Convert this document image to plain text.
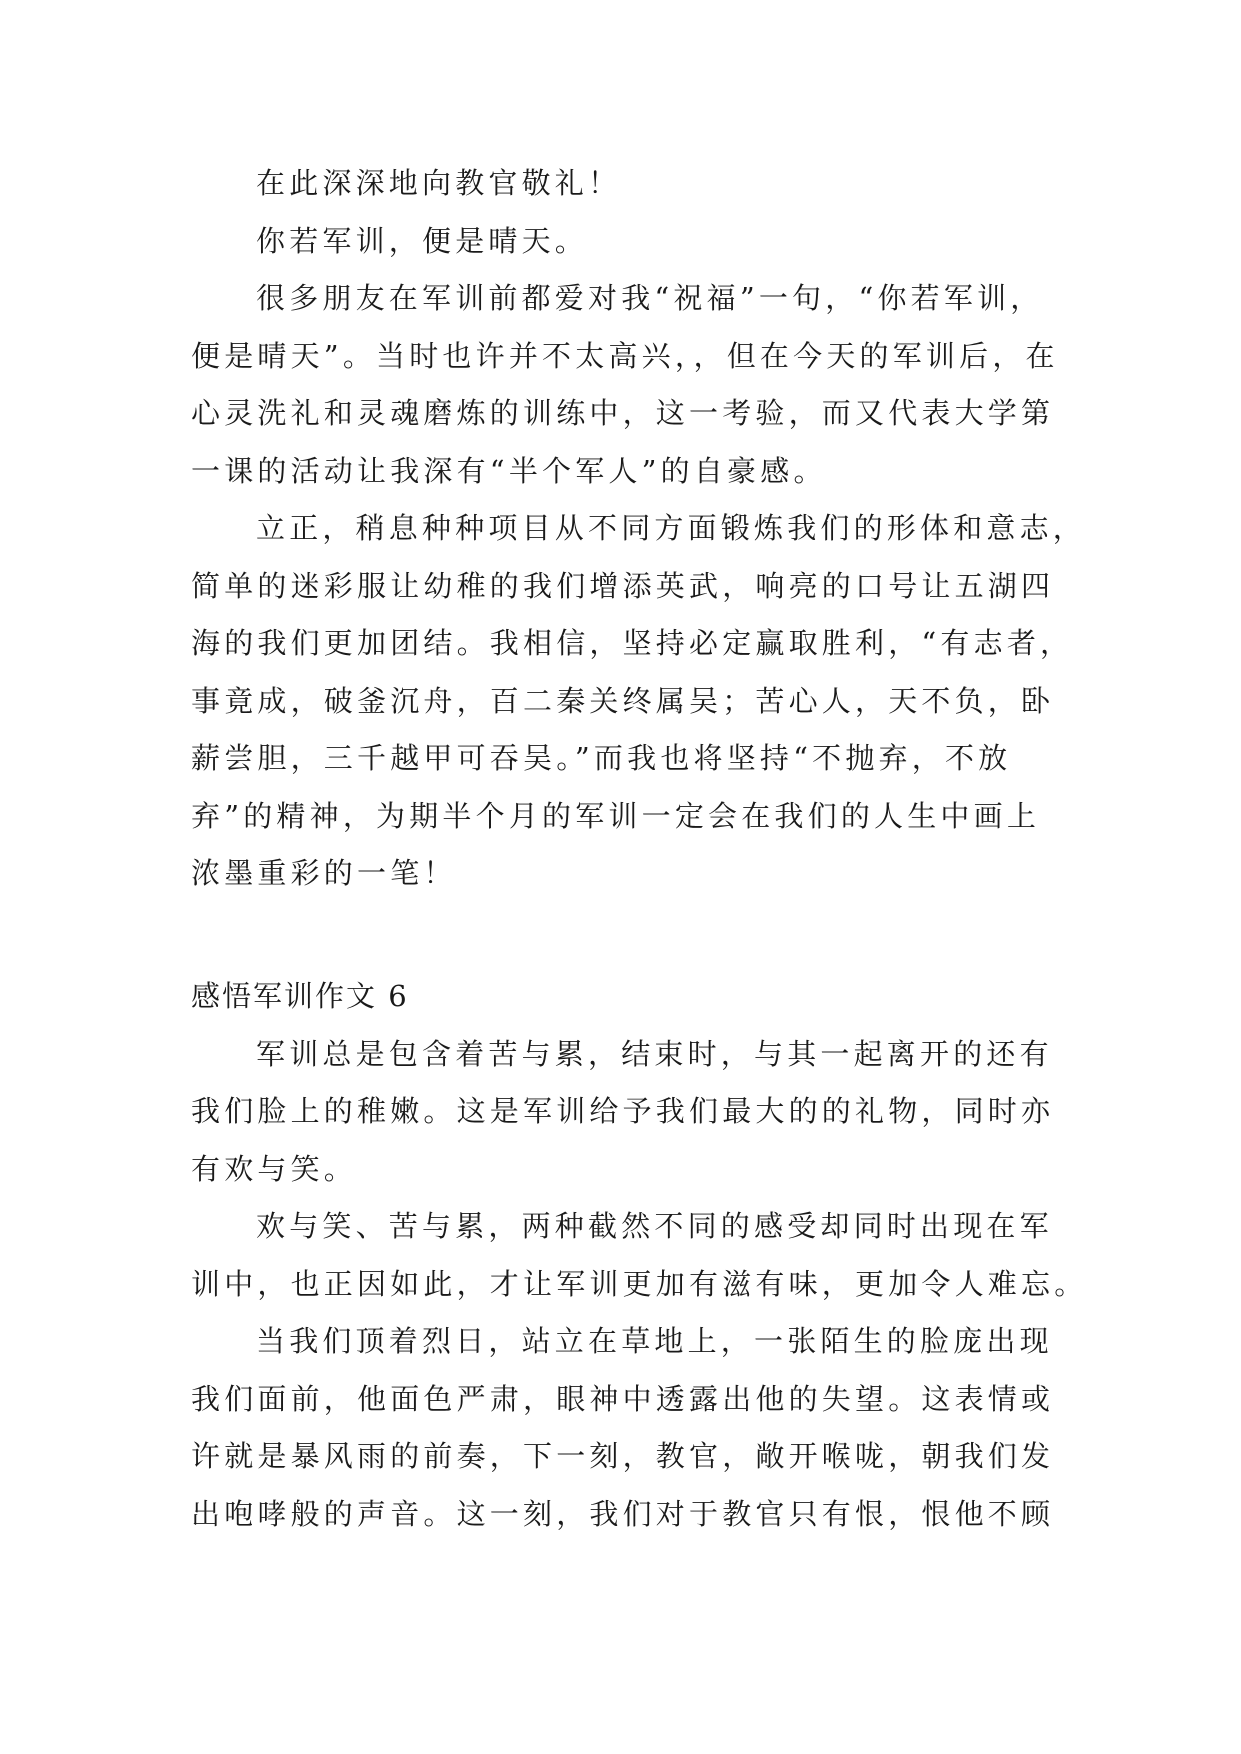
在此深深地向教官敬礼！
你若军训，便是晴天。
很多朋友在军训前都爱对我“祝福”一句，“你若军训，
便是晴天”。当时也许并不太高兴，，但在今天的军训后，在
心灵洗礼和灵魂磨炼的训练中，这一考验，而又代表大学第
一课的活动让我深有“半个军人”的自豪感。
立正，稍息种种项目从不同方面锻炼我们的形体和意志，
简单的迷彩服让幼稚的我们增添英武，响亮的口号让五湖四
海的我们更加团结。我相信，坚持必定赢取胜利，“有志者，
事竟成，破釜沉舟，百二秦关终属吴；苦心人，天不负，卧
薪尝胆，三千越甲可吞吴。”而我也将坚持“不抛弃，不放
弃”的精神，为期半个月的军训一定会在我们的人生中画上
浓墨重彩的一笔！
感悟军训作文 6
军训总是包含着苦与累，结束时，与其一起离开的还有
我们脸上的稚嫩。这是军训给予我们最大的的礼物，同时亦
有欢与笑。
欢与笑、苦与累，两种截然不同的感受却同时出现在军
训中，也正因如此，才让军训更加有滋有味，更加令人难忘。
当我们顶着烈日，站立在草地上，一张陌生的脸庞出现
我们面前，他面色严肃，眼神中透露出他的失望。这表情或
许就是暴风雨的前奏，下一刻，教官，敞开喉咙，朝我们发
出咆哮般的声音。这一刻，我们对于教官只有恨，恨他不顾
